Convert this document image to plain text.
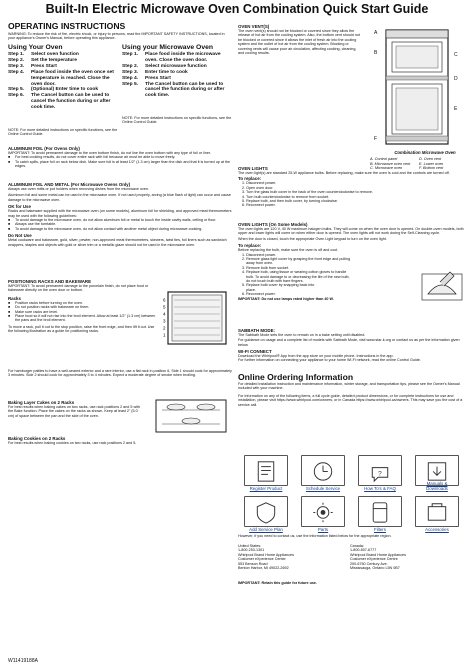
Built-In Electric Microwave Oven Combination Quick Start Guide
OPERATING INSTRUCTIONS
WARNING: To reduce the risk of fire, electric shock, or injury to persons, read the IMPORTANT SAFETY INSTRUCTIONS, located in your appliance's Owner's Manual, before operating this appliance.
Using Your Oven
Step 1. Select oven function
Step 2. Set the temperature
Step 3. Press Start
Step 4. Place food inside the oven once set
temperature is reached. Close the
oven door.
Step 5. (Optional) Enter time to cook
Step 6. The Cancel button can be used to
cancel the function during or after
cook time.
NOTE: For more detailed instructions on specific functions, see the Online Control Guide.
Using your Microwave Oven
Step 1. Place food inside the microwave
oven. Close the oven door.
Step 2. Select microwave function
Step 3. Enter time to cook
Step 4. Press Start
Step 5. The Cancel button can be used to
cancel the function during or after
cook time.
NOTE: For more detailed instructions on specific functions, see the Online Control Guide.
ALUMINUM FOIL (For Ovens Only)
IMPORTANT: To avoid permanent damage to the oven bottom finish, do not line the oven bottom with any type of foil or liner.
■ For best cooking results, do not cover entire rack with foil because air must be able to move freely.
■ To catch spills, place foil on rack below dish. Make sure foil is at least 1/2" (1.3 cm) larger than the dish and that it is turned up at the edges.
ALUMINUM FOIL AND METAL (For Microwave Ovens Only)
Always use oven mitts or pot holders when removing dishes from the microwave oven.
Aluminum foil and some metal can be used in the microwave oven. If not used properly, arcing (a blue flash of light) can occur and cause damage to the microwave oven.
OK for Use
Racks and bakeware supplied with the microwave oven (on some models), aluminum foil for shielding, and approved meat thermometers may be used with the following guidelines:
■ To avoid damage to the microwave oven, do not allow aluminum foil or metal to touch the inside cavity walls, ceiling or floor.
■ Always use the turntable.
■ To avoid damage to the microwave oven, do not allow contact with another metal object during microwave cooking.
Do Not Use
Metal cookware and bakeware, gold, silver, pewter, non-approved meat thermometers, skewers, twist ties, foil liners such as sandwich wrappers, staples and objects with gold or silver trim or a metallic glaze should not be used in the microwave oven.
POSITIONING RACKS AND BAKEWARE
IMPORTANT: To avoid permanent damage to the porcelain finish, do not place food or bakeware directly on the oven door or bottom.
Racks
■ Position racks before turning on the oven.
■ Do not position racks with bakeware on them.
■ Make sure racks are level.
■ Place food so it will not rise into the broil element. Allow at least 1/2" (1.3 cm) between the pans and the broil element.
To move a rack, pull it out to the stop position, raise the front edge, and then lift it out. Use the following illustration as a guide for positioning racks.
6
5
4
3
2
1
For hamburger patties to have a well-seared exterior and a rare interior, use a flat rack in position 6. Side 1 should cook for approximately 3 minutes. Side 2 should cook for approximately 3 to 4 minutes. Expect a moderate degree of smoke when broiling.
Baking Layer Cakes on 2 Racks
For best results when baking cakes on two racks, use rack positions 2 and 5 with the Bake function. Place the cakes on the racks as shown. Keep at least 2" (5.0 cm) of space between the pan and the side of the oven.
Baking Cookies on 2 Racks
For best results when baking cookies on two racks, use rack positions 2 and 5.
OVEN VENT(S)
The oven vent(s) should not be blocked or covered since they allow the release of hot air from the cooling system. Also, the bottom vent should not be blocked or covered since it allows the inlet of fresh air into the cooling system and the outlet of hot air from the cooling system. Blocking or covering vents will cause poor air circulation, affecting cooking, cleaning, and cooling results.
A
B	C
D
E
F
Combination Microwave Oven
A. Control panel	D. Oven vent
B. Microwave oven vent	E. Lower oven
C. Microwave oven	F. Bottom vent
OVEN LIGHTS
The oven light(s) are standard 25-W appliance bulbs. Before replacing, make sure the oven is cool and the controls are turned off.
To replace:
1. Disconnect power.
2. Open oven door.
3. Turn the glass bulb cover in the back of the oven counterclockwise to remove.
4. Turn bulb counterclockwise to remove from socket.
5. Replace bulb, and then bulb cover, by turning clockwise.
6. Reconnect power.
OVEN LIGHTS (On Some Models)
The oven lights are 120 V, 40 W maximum halogen bulbs. They will come on when the oven door is opened. On double-oven models, both upper and lower lights will come on when either door is opened. The oven lights will not work during the Self-Cleaning cycle.
When the door is closed, touch the appropriate Oven Light keypad to turn on the oven light.
To replace:
Before replacing the bulb, make sure the oven is off and cool.
1. Disconnect power.
2. Remove glass light cover by grasping the front edge and pulling
away from oven.
3. Remove bulb from socket.
4. Replace bulb, using tissue or wearing cotton gloves to handle
bulb. To avoid damage to or decreasing the life of the new bulb,
do not touch bulb with bare fingers.
5. Replace bulb cover by snapping back into
place.
6. Reconnect power.
IMPORTANT: Do not use lamps rated higher than 40 W.
SABBATH MODE:
The Sabbath Mode sets the oven to remain on in a bake setting until disabled.
For guidance on usage and a complete list of models with Sabbath Mode, visit www.star-k.org or contact us as per the information given below.
WI-FI CONNECT
Download the Whirlpool® App from the app store on your mobile phone. Instructions in the app.
For further information on connecting your appliance to your home Wi-Fi network, read the online Control Guide.
Online Ordering Information
For detailed installation instruction and maintenance information, winter storage, and transportation tips, please see the Owner's Manual included with your machine.
For information on any of the following items, a full cycle guide, detailed product dimensions, or for complete instructions for use and installation, please visit https://www.whirlpool.com/owners, or in Canada https://www.whirlpool.ca/owners. This may save you the cost of a service call.
Register Product	Schedule Service
?
How To's & FAQ
Manuals & Downloads
Add Service Plan	Parts	Filters	Accessories
However, if you need to contact us, use the information listed below for the appropriate region.
United States:
1-800-253-1301
Whirlpool Brand Home Appliances
Customer eXperience Center
553 Benson Road
Benton Harbor, MI 49022-2692
Canada:
1-800-807-6777
Whirlpool Brand Home Appliances
Customer eXperience Centre
200-6750 Century Ave.
Mississauga, Ontario L5N 0B7
IMPORTANT: Retain this guide for future use.
W11419188A
